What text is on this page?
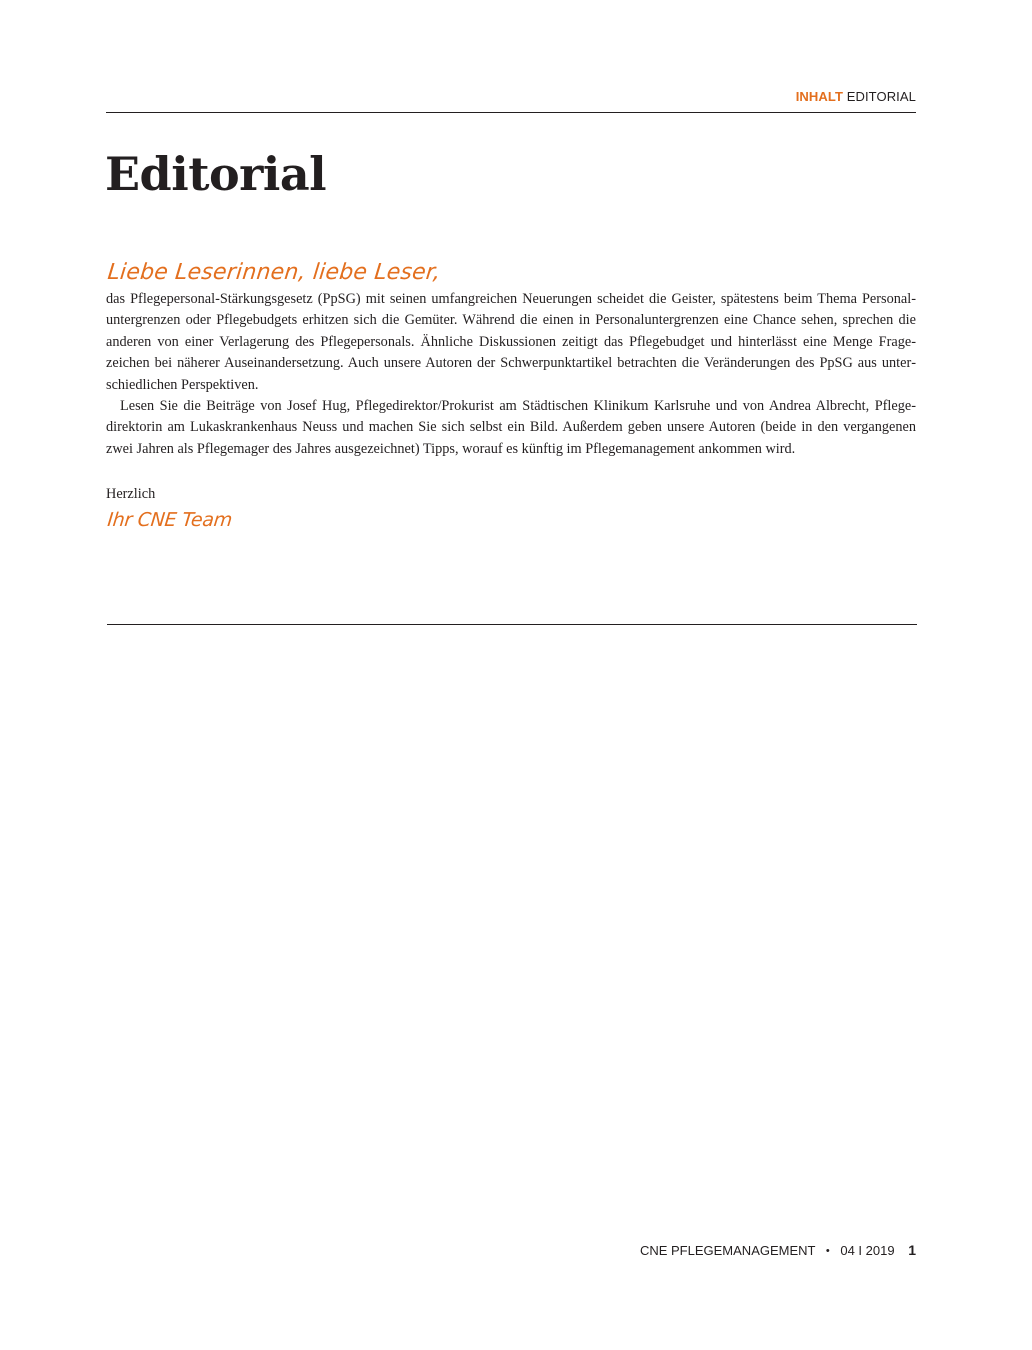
INHALT EDITORIAL
Editorial
Liebe Leserinnen, liebe Leser,

das Pflegepersonal-Stärkungsgesetz (PpSG) mit seinen umfangreichen Neuerungen scheidet die Geister, spätestens beim Thema Personaluntergrenzen oder Pflegebudgets erhitzen sich die Gemüter. Während die einen in Personaluntergrenzen eine Chance sehen, sprechen die anderen von einer Verlagerung des Pflegepersonals. Ähnliche Diskussionen zeitigt das Pflegebudget und hinterlässt eine Menge Fragezeichen bei näherer Auseinandersetzung. Auch unsere Autoren der Schwerpunktartikel betrachten die Veränderungen des PpSG aus unterschiedlichen Perspektiven.

Lesen Sie die Beiträge von Josef Hug, Pflegedirektor/Prokurist am Städtischen Klinikum Karlsruhe und von Andrea Albrecht, Pflegedirektorin am Lukaskrankenhaus Neuss und machen Sie sich selbst ein Bild. Außerdem geben unsere Autoren (beide in den vergangenen zwei Jahren als Pflegemager des Jahres ausgezeichnet) Tipps, worauf es künftig im Pflegemanagement ankommen wird.

Herzlich
Ihr CNE Team
CNE PFLEGEMANAGEMENT • 04 I 2019 1
